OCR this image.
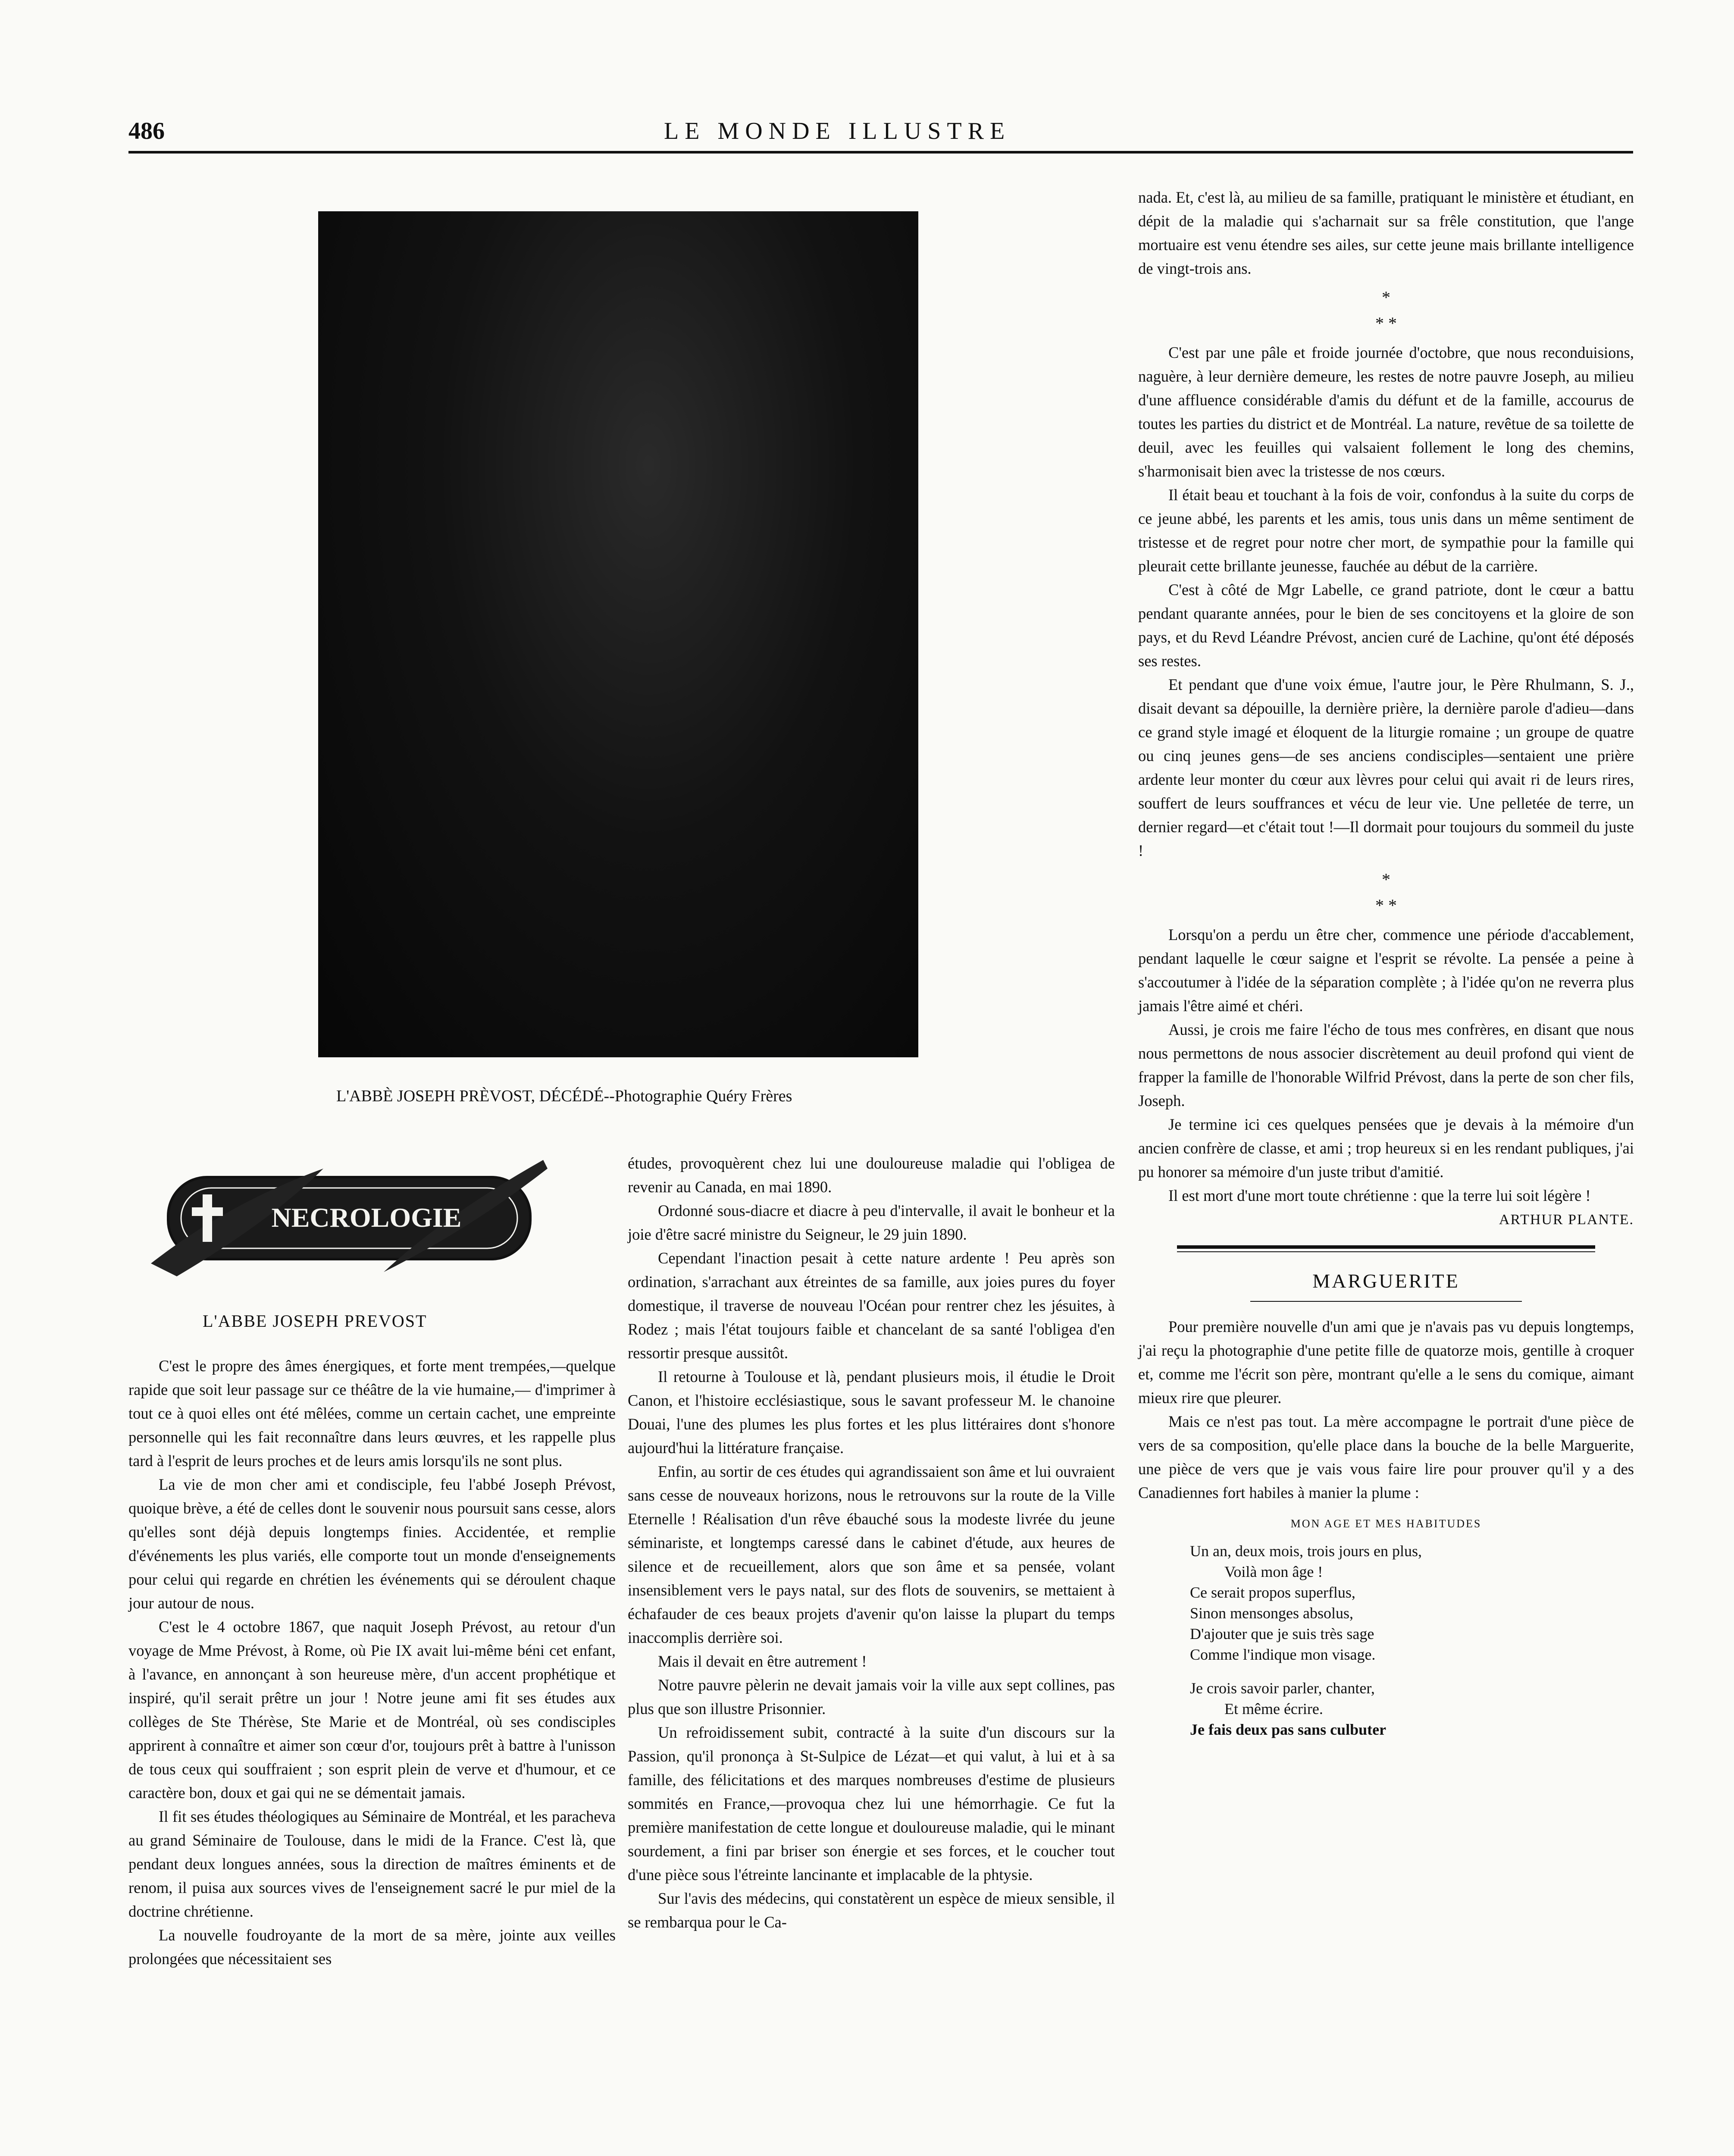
486	LE MONDE ILLUSTRE
L'ABBÈ JOSEPH PRÈVOST, DÉCÉDÉ--Photographie Quéry Frères
NECROLOGIE
L'ABBE JOSEPH PREVOST

C'est le propre des âmes énergiques, et forte ment trempées,—quelque rapide que soit leur passage sur ce théâtre de la vie humaine,— d'imprimer à tout ce à quoi elles ont été mêlées, comme un certain cachet, une empreinte personnelle qui les fait reconnaître dans leurs œuvres, et les rappelle plus tard à l'esprit de leurs proches et de leurs amis lorsqu'ils ne sont plus.

La vie de mon cher ami et condisciple, feu l'abbé Joseph Prévost, quoique brève, a été de celles dont le souvenir nous poursuit sans cesse, alors qu'elles sont déjà depuis longtemps finies. Accidentée, et remplie d'événements les plus variés, elle comporte tout un monde d'enseignements pour celui qui regarde en chrétien les événements qui se déroulent chaque jour autour de nous.

C'est le 4 octobre 1867, que naquit Joseph Prévost, au retour d'un voyage de Mme Prévost, à Rome, où Pie IX avait lui-même béni cet enfant, à l'avance, en annonçant à son heureuse mère, d'un accent prophétique et inspiré, qu'il serait prêtre un jour ! Notre jeune ami fit ses études aux collèges de Ste Thérèse, Ste Marie et de Montréal, où ses condisciples apprirent à connaître et aimer son cœur d'or, toujours prêt à battre à l'unisson de tous ceux qui souffraient ; son esprit plein de verve et d'humour, et ce caractère bon, doux et gai qui ne se démentait jamais.

Il fit ses études théologiques au Séminaire de Montréal, et les paracheva au grand Séminaire de Toulouse, dans le midi de la France. C'est là, que pendant deux longues années, sous la direction de maîtres éminents et de renom, il puisa aux sources vives de l'enseignement sacré le pur miel de la doctrine chrétienne.

La nouvelle foudroyante de la mort de sa mère, jointe aux veilles prolongées que nécessitaient ses

études, provoquèrent chez lui une douloureuse maladie qui l'obligea de revenir au Canada, en mai 1890.

Ordonné sous-diacre et diacre à peu d'intervalle, il avait le bonheur et la joie d'être sacré ministre du Seigneur, le 29 juin 1890.

Cependant l'inaction pesait à cette nature ardente ! Peu après son ordination, s'arrachant aux étreintes de sa famille, aux joies pures du foyer domestique, il traverse de nouveau l'Océan pour rentrer chez les jésuites, à Rodez ; mais l'état toujours faible et chancelant de sa santé l'obligea d'en ressortir presque aussitôt.

Il retourne à Toulouse et là, pendant plusieurs mois, il étudie le Droit Canon, et l'histoire ecclésiastique, sous le savant professeur M. le chanoine Douai, l'une des plumes les plus fortes et les plus littéraires dont s'honore aujourd'hui la littérature française.

Enfin, au sortir de ces études qui agrandissaient son âme et lui ouvraient sans cesse de nouveaux horizons, nous le retrouvons sur la route de la Ville Eternelle ! Réalisation d'un rêve ébauché sous la modeste livrée du jeune séminariste, et longtemps caressé dans le cabinet d'étude, aux heures de silence et de recueillement, alors que son âme et sa pensée, volant insensiblement vers le pays natal, sur des flots de souvenirs, se mettaient à échafauder de ces beaux projets d'avenir qu'on laisse la plupart du temps inaccomplis derrière soi.

Mais il devait en être autrement !

Notre pauvre pèlerin ne devait jamais voir la ville aux sept collines, pas plus que son illustre Prisonnier.

Un refroidissement subit, contracté à la suite d'un discours sur la Passion, qu'il prononça à St-Sulpice de Lézat—et qui valut, à lui et à sa famille, des félicitations et des marques nombreuses d'estime de plusieurs sommités en France,—provoqua chez lui une hémorrhagie. Ce fut la première manifestation de cette longue et douloureuse maladie, qui le minant sourdement, a fini par briser son énergie et ses forces, et le coucher tout d'une pièce sous l'étreinte lancinante et implacable de la phtysie.

Sur l'avis des médecins, qui constatèrent un espèce de mieux sensible, il se rembarqua pour le Ca-

nada. Et, c'est là, au milieu de sa famille, pratiquant le ministère et étudiant, en dépit de la maladie qui s'acharnait sur sa frêle constitution, que l'ange mortuaire est venu étendre ses ailes, sur cette jeune mais brillante intelligence de vingt-trois ans.

*
* *

C'est par une pâle et froide journée d'octobre, que nous reconduisions, naguère, à leur dernière demeure, les restes de notre pauvre Joseph, au milieu d'une affluence considérable d'amis du défunt et de la famille, accourus de toutes les parties du district et de Montréal. La nature, revêtue de sa toilette de deuil, avec les feuilles qui valsaient follement le long des chemins, s'harmonisait bien avec la tristesse de nos cœurs.

Il était beau et touchant à la fois de voir, confondus à la suite du corps de ce jeune abbé, les parents et les amis, tous unis dans un même sentiment de tristesse et de regret pour notre cher mort, de sympathie pour la famille qui pleurait cette brillante jeunesse, fauchée au début de la carrière.

C'est à côté de Mgr Labelle, ce grand patriote, dont le cœur a battu pendant quarante années, pour le bien de ses concitoyens et la gloire de son pays, et du Revd Léandre Prévost, ancien curé de Lachine, qu'ont été déposés ses restes.

Et pendant que d'une voix émue, l'autre jour, le Père Rhulmann, S. J., disait devant sa dépouille, la dernière prière, la dernière parole d'adieu—dans ce grand style imagé et éloquent de la liturgie romaine ; un groupe de quatre ou cinq jeunes gens—de ses anciens condisciples—sentaient une prière ardente leur monter du cœur aux lèvres pour celui qui avait ri de leurs rires, souffert de leurs souffrances et vécu de leur vie. Une pelletée de terre, un dernier regard—et c'était tout !—Il dormait pour toujours du sommeil du juste !

*
* *

Lorsqu'on a perdu un être cher, commence une période d'accablement, pendant laquelle le cœur saigne et l'esprit se révolte. La pensée a peine à s'accoutumer à l'idée de la séparation complète ; à l'idée qu'on ne reverra plus jamais l'être aimé et chéri.

Aussi, je crois me faire l'écho de tous mes confrères, en disant que nous nous permettons de nous associer discrètement au deuil profond qui vient de frapper la famille de l'honorable Wilfrid Prévost, dans la perte de son cher fils, Joseph.

Je termine ici ces quelques pensées que je devais à la mémoire d'un ancien confrère de classe, et ami ; trop heureux si en les rendant publiques, j'ai pu honorer sa mémoire d'un juste tribut d'amitié.

Il est mort d'une mort toute chrétienne : que la terre lui soit légère !

ARTHUR PLANTE.
MARGUERITE

Pour première nouvelle d'un ami que je n'avais pas vu depuis longtemps, j'ai reçu la photographie d'une petite fille de quatorze mois, gentille à croquer et, comme me l'écrit son père, montrant qu'elle a le sens du comique, aimant mieux rire que pleurer.

Mais ce n'est pas tout. La mère accompagne le portrait d'une pièce de vers de sa composition, qu'elle place dans la bouche de la belle Marguerite, une pièce de vers que je vais vous faire lire pour prouver qu'il y a des Canadiennes fort habiles à manier la plume :

MON AGE ET MES HABITUDES

Un an, deux mois, trois jours en plus,

Voilà mon âge !

Ce serait propos superflus,

Sinon mensonges absolus,

D'ajouter que je suis très sage

Comme l'indique mon visage.

Je crois savoir parler, chanter,

Et même écrire.

Je fais deux pas sans culbuter
